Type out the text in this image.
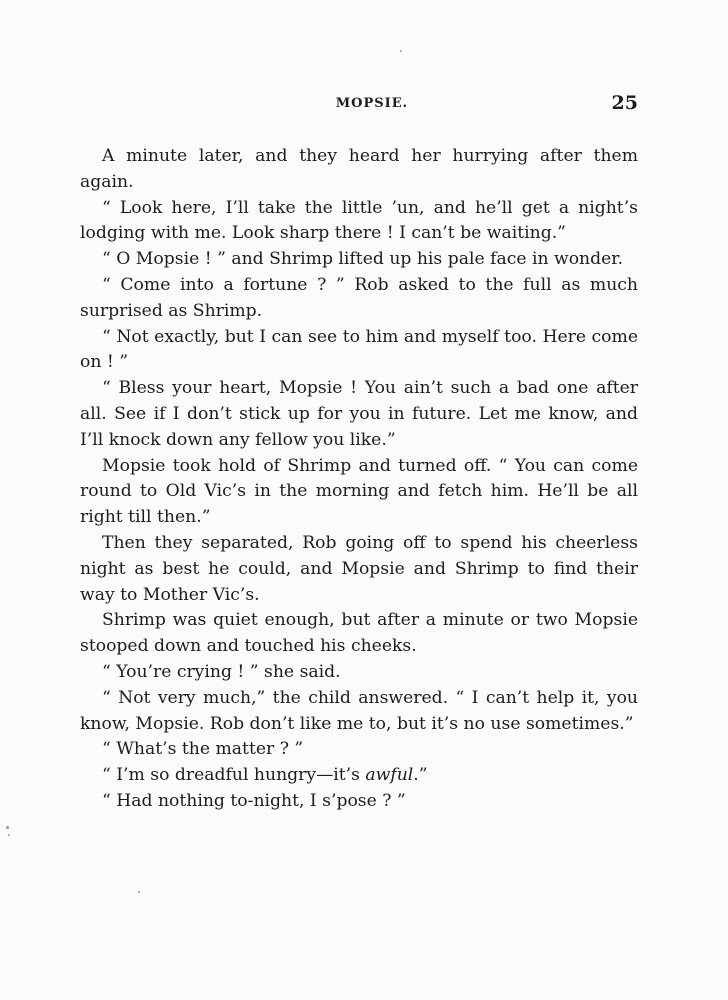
MOPSIE.	25

A minute later, and they heard her hurrying after them again.

“ Look here, I’ll take the little ’un, and he’ll get a night’s lodging with me. Look sharp there ! I can’t be waiting.”

“ O Mopsie ! ” and Shrimp lifted up his pale face in wonder.

“ Come into a fortune ? ” Rob asked to the full as much surprised as Shrimp.

“ Not exactly, but I can see to him and myself too. Here come on ! ”

“ Bless your heart, Mopsie ! You ain’t such a bad one after all. See if I don’t stick up for you in future. Let me know, and I’ll knock down any fellow you like.”

Mopsie took hold of Shrimp and turned off. “ You can come round to Old Vic’s in the morning and fetch him. He’ll be all right till then.”

Then they separated, Rob going off to spend his cheerless night as best he could, and Mopsie and Shrimp to find their way to Mother Vic’s.

Shrimp was quiet enough, but after a minute or two Mopsie stooped down and touched his cheeks.

“ You’re crying ! ” she said.

“ Not very much,” the child answered. “ I can’t help it, you know, Mopsie. Rob don’t like me to, but it’s no use sometimes.”

“ What’s the matter ? ”

“ I’m so dreadful hungry—it’s awful.”

“ Had nothing to-night, I s’pose ? ”
